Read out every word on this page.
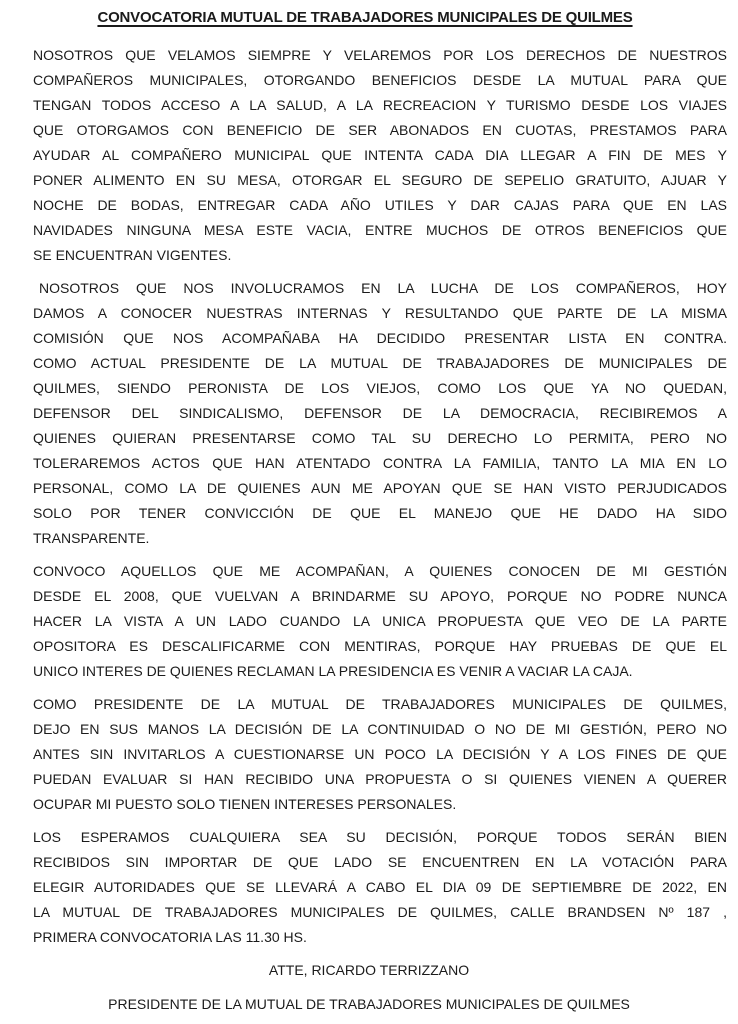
CONVOCATORIA MUTUAL DE TRABAJADORES MUNICIPALES DE QUILMES

NOSOTROS QUE VELAMOS SIEMPRE Y VELAREMOS POR LOS DERECHOS DE NUESTROS
COMPAÑEROS MUNICIPALES, OTORGANDO BENEFICIOS DESDE LA MUTUAL PARA QUE
TENGAN TODOS ACCESO A LA SALUD, A LA RECREACION Y TURISMO DESDE LOS VIAJES
QUE OTORGAMOS CON BENEFICIO DE SER ABONADOS EN CUOTAS, PRESTAMOS PARA
AYUDAR AL COMPAÑERO MUNICIPAL QUE INTENTA CADA DIA LLEGAR A FIN DE MES Y
PONER ALIMENTO EN SU MESA, OTORGAR EL SEGURO DE SEPELIO GRATUITO, AJUAR Y
NOCHE DE BODAS, ENTREGAR CADA AÑO UTILES Y DAR CAJAS PARA QUE EN LAS
NAVIDADES NINGUNA MESA ESTE VACIA, ENTRE MUCHOS DE OTROS BENEFICIOS QUE
SE ENCUENTRAN VIGENTES.

NOSOTROS QUE NOS INVOLUCRAMOS EN LA LUCHA DE LOS COMPAÑEROS, HOY
DAMOS A CONOCER NUESTRAS INTERNAS Y RESULTANDO QUE PARTE DE LA MISMA
COMISIÓN QUE NOS ACOMPAÑABA HA DECIDIDO PRESENTAR LISTA EN CONTRA.
COMO ACTUAL PRESIDENTE DE LA MUTUAL DE TRABAJADORES DE MUNICIPALES DE
QUILMES, SIENDO PERONISTA DE LOS VIEJOS, COMO LOS QUE YA NO QUEDAN,
DEFENSOR DEL SINDICALISMO, DEFENSOR DE LA DEMOCRACIA, RECIBIREMOS A
QUIENES QUIERAN PRESENTARSE COMO TAL SU DERECHO LO PERMITA, PERO NO
TOLERAREMOS ACTOS QUE HAN ATENTADO CONTRA LA FAMILIA, TANTO LA MIA EN LO
PERSONAL, COMO LA DE QUIENES AUN ME APOYAN QUE SE HAN VISTO PERJUDICADOS
SOLO POR TENER CONVICCIÓN DE QUE EL MANEJO QUE HE DADO HA SIDO
TRANSPARENTE.

CONVOCO AQUELLOS QUE ME ACOMPAÑAN, A QUIENES CONOCEN DE MI GESTIÓN
DESDE EL 2008, QUE VUELVAN A BRINDARME SU APOYO, PORQUE NO PODRE NUNCA
HACER LA VISTA A UN LADO CUANDO LA UNICA PROPUESTA QUE VEO DE LA PARTE
OPOSITORA ES DESCALIFICARME CON MENTIRAS, PORQUE HAY PRUEBAS DE QUE EL
UNICO INTERES DE QUIENES RECLAMAN LA PRESIDENCIA ES VENIR A VACIAR LA CAJA.

COMO PRESIDENTE DE LA MUTUAL DE TRABAJADORES MUNICIPALES DE QUILMES,
DEJO EN SUS MANOS LA DECISIÓN DE LA CONTINUIDAD O NO DE MI GESTIÓN, PERO NO
ANTES SIN INVITARLOS A CUESTIONARSE UN POCO LA DECISIÓN Y A LOS FINES DE QUE
PUEDAN EVALUAR SI HAN RECIBIDO UNA PROPUESTA O SI QUIENES VIENEN A QUERER
OCUPAR MI PUESTO SOLO TIENEN INTERESES PERSONALES.

LOS ESPERAMOS CUALQUIERA SEA SU DECISIÓN, PORQUE TODOS SERÁN BIEN
RECIBIDOS SIN IMPORTAR DE QUE LADO SE ENCUENTREN EN LA VOTACIÓN PARA
ELEGIR AUTORIDADES QUE SE LLEVARÁ A CABO EL DIA 09 DE SEPTIEMBRE DE 2022, EN
LA MUTUAL DE TRABAJADORES MUNICIPALES DE QUILMES, CALLE BRANDSEN Nº 187 ,
PRIMERA CONVOCATORIA LAS 11.30 HS.

ATTE, RICARDO TERRIZZANO
PRESIDENTE DE LA MUTUAL DE TRABAJADORES MUNICIPALES DE QUILMES
